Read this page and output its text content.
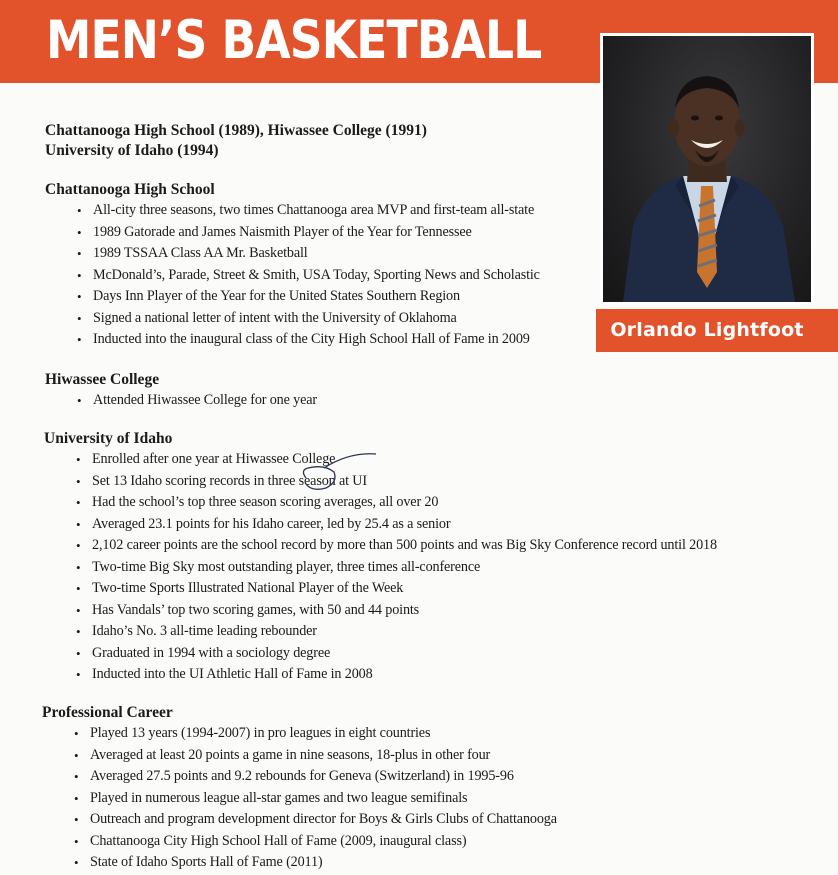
MEN’S BASKETBALL
Orlando Lightfoot
Chattanooga High School (1989), Hiwassee College (1991)
University of Idaho (1994)
Chattanooga High School
• All-city three seasons, two times Chattanooga area MVP and first-team all-state
• 1989 Gatorade and James Naismith Player of the Year for Tennessee
• 1989 TSSAA Class AA Mr. Basketball
• McDonald’s, Parade, Street & Smith, USA Today, Sporting News and Scholastic
• Days Inn Player of the Year for the United States Southern Region
• Signed a national letter of intent with the University of Oklahoma
• Inducted into the inaugural class of the City High School Hall of Fame in 2009
Hiwassee College
• Attended Hiwassee College for one year
University of Idaho
• Enrolled after one year at Hiwassee College
• Set 13 Idaho scoring records in three season at UI
• Had the school’s top three season scoring averages, all over 20
• Averaged 23.1 points for his Idaho career, led by 25.4 as a senior
• 2,102 career points are the school record by more than 500 points and was Big Sky Conference record until 2018
• Two-time Big Sky most outstanding player, three times all-conference
• Two-time Sports Illustrated National Player of the Week
• Has Vandals’ top two scoring games, with 50 and 44 points
• Idaho’s No. 3 all-time leading rebounder
• Graduated in 1994 with a sociology degree
• Inducted into the UI Athletic Hall of Fame in 2008
Professional Career
• Played 13 years (1994-2007) in pro leagues in eight countries
• Averaged at least 20 points a game in nine seasons, 18-plus in other four
• Averaged 27.5 points and 9.2 rebounds for Geneva (Switzerland) in 1995-96
• Played in numerous league all-star games and two league semifinals
• Outreach and program development director for Boys & Girls Clubs of Chattanooga
• Chattanooga City High School Hall of Fame (2009, inaugural class)
• State of Idaho Sports Hall of Fame (2011)
